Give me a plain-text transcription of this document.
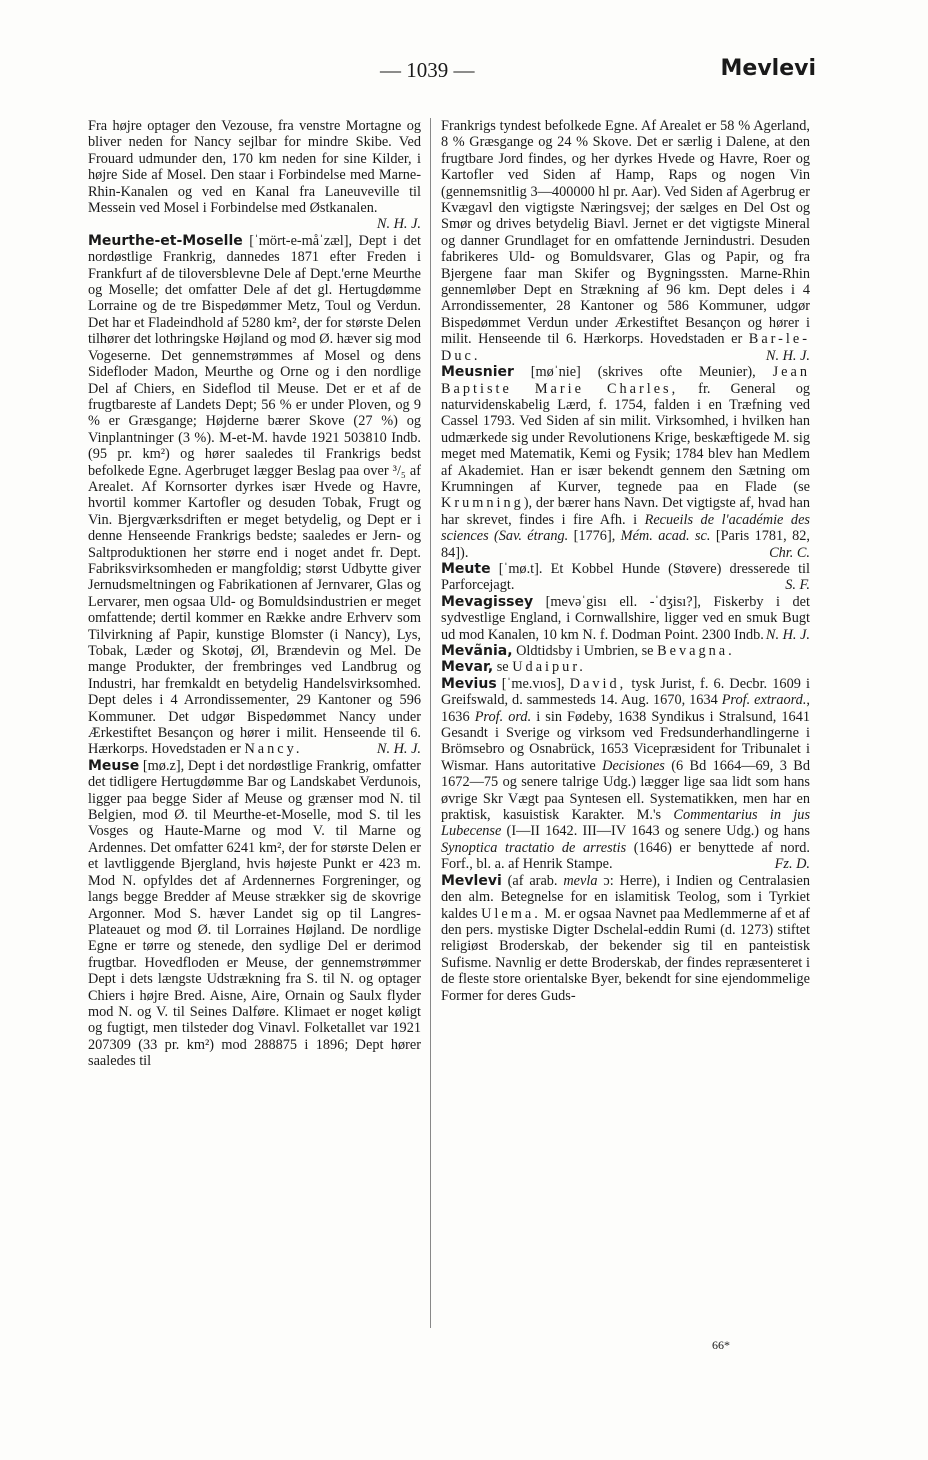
— 1039 —	Mevlevi

Fra højre optager den Vezouse, fra venstre Mortagne og bliver neden for Nancy sejlbar for mindre Skibe. Ved Frouard udmunder den, 170 km neden for sine Kilder, i højre Side af Mosel. Den staar i Forbindelse med Marne-Rhin-Kanalen og ved en Kanal fra Laneuveville til Messein ved Mosel i Forbindelse med Østkanalen.
N. H. J.

Meurthe-et-Moselle [ˈmört-e-måˈzæl], Dept i det nordøstlige Frankrig, dannedes 1871 efter Freden i Frankfurt af de tiloversblevne Dele af Dept.'erne Meurthe og Moselle; det omfatter Dele af det gl. Hertugdømme Lorraine og de tre Bispedømmer Metz, Toul og Verdun. Det har et Fladeindhold af 5280 km², der for største Delen tilhører det lothringske Højland og mod Ø. hæver sig mod Vogeserne. Det gennemstrømmes af Mosel og dens Sidefloder Madon, Meurthe og Orne og i den nordlige Del af Chiers, en Sideflod til Meuse. Det er et af de frugtbareste af Landets Dept; 56 % er under Ploven, og 9 % er Græsgange; Højderne bærer Skove (27 %) og Vinplantninger (3 %). M-et-M. havde 1921 503810 Indb. (95 pr. km²) og hører saaledes til Frankrigs bedst befolkede Egne. Agerbruget lægger Beslag paa over ³/₅ af Arealet. Af Kornsorter dyrkes især Hvede og Havre, hvortil kommer Kartofler og desuden Tobak, Frugt og Vin. Bjergværksdriften er meget betydelig, og Dept er i denne Henseende Frankrigs bedste; saaledes er Jern- og Saltproduktionen her større end i noget andet fr. Dept. Fabriksvirksomheden er mangfoldig; størst Udbytte giver Jernudsmeltningen og Fabrikationen af Jernvarer, Glas og Lervarer, men ogsaa Uld- og Bomuldsindustrien er meget omfattende; dertil kommer en Række andre Erhverv som Tilvirkning af Papir, kunstige Blomster (i Nancy), Lys, Tobak, Læder og Skotøj, Øl, Brændevin og Mel. De mange Produkter, der frembringes ved Landbrug og Industri, har fremkaldt en betydelig Handelsvirksomhed. Dept deles i 4 Arrondissementer, 29 Kantoner og 596 Kommuner. Det udgør Bispedømmet Nancy under Ærkestiftet Besançon og hører i milit. Henseende til 6. Hærkorps. Hovedstaden er Nancy.	N. H. J.

Meuse [mø.z], Dept i det nordøstlige Frankrig, omfatter det tidligere Hertugdømme Bar og Landskabet Verdunois, ligger paa begge Sider af Meuse og grænser mod N. til Belgien, mod Ø. til Meurthe-et-Moselle, mod S. til les Vosges og Haute-Marne og mod V. til Marne og Ardennes. Det omfatter 6241 km², der for største Delen er et lavtliggende Bjergland, hvis højeste Punkt er 423 m. Mod N. opfyldes det af Ardennernes Forgreninger, og langs begge Bredder af Meuse strækker sig de skovrige Argonner. Mod S. hæver Landet sig op til Langres-Plateauet og mod Ø. til Lorraines Højland. De nordlige Egne er tørre og stenede, den sydlige Del er derimod frugtbar. Hovedfloden er Meuse, der gennemstrømmer Dept i dets længste Udstrækning fra S. til N. og optager Chiers i højre Bred. Aisne, Aire, Ornain og Saulx flyder mod N. og V. til Seines Dalføre. Klimaet er noget køligt og fugtigt, men tilsteder dog Vinavl. Folketallet var 1921 207309 (33 pr. km²) mod 288875 i 1896; Dept hører saaledes til

Frankrigs tyndest befolkede Egne. Af Arealet er 58 % Agerland, 8 % Græsgange og 24 % Skove. Det er særlig i Dalene, at den frugtbare Jord findes, og her dyrkes Hvede og Havre, Roer og Kartofler ved Siden af Hamp, Raps og nogen Vin (gennemsnitlig 3—400000 hl pr. Aar). Ved Siden af Agerbrug er Kvægavl den vigtigste Næringsvej; der sælges en Del Ost og Smør og drives betydelig Biavl. Jernet er det vigtigste Mineral og danner Grundlaget for en omfattende Jernindustri. Desuden fabrikeres Uld- og Bomuldsvarer, Glas og Papir, og fra Bjergene faar man Skifer og Bygningssten. Marne-Rhin gennemløber Dept en Strækning af 96 km. Dept deles i 4 Arrondissementer, 28 Kantoner og 586 Kommuner, udgør Bispedømmet Verdun under Ærkestiftet Besançon og hører i milit. Henseende til 6. Hærkorps. Hovedstaden er Bar-le-Duc.	N. H. J.

Meusnier [møˈnie] (skrives ofte Meunier), Jean Baptiste Marie Charles, fr. General og naturvidenskabelig Lærd, f. 1754, falden i en Træfning ved Cassel 1793. Ved Siden af sin milit. Virksomhed, i hvilken han udmærkede sig under Revolutionens Krige, beskæftigede M. sig meget med Matematik, Kemi og Fysik; 1784 blev han Medlem af Akademiet. Han er især bekendt gennem den Sætning om Krumningen af Kurver, tegnede paa en Flade (se Krumning), der bærer hans Navn. Det vigtigste af, hvad han har skrevet, findes i fire Afh. i Recueils de l'académie des sciences (Sav. étrang. [1776], Mém. acad. sc. [Paris 1781, 82, 84]).	Chr. C.

Meute [ˈmø.t]. Et Kobbel Hunde (Støvere) dresserede til Parforcejagt.	S. F.

Mevagissey [mevəˈgisı ell. -ˈdʒisı?], Fiskerby i det sydvestlige England, i Cornwallshire, ligger ved en smuk Bugt ud mod Kanalen, 10 km N. f. Dodman Point. 2300 Indb. N. H. J.

Mevãnia, Oldtidsby i Umbrien, se Bevagna.

Mevar, se Udaipur.

Mevius [ˈme.vıos], David, tysk Jurist, f. 6. Decbr. 1609 i Greifswald, d. sammesteds 14. Aug. 1670, 1634 Prof. extraord., 1636 Prof. ord. i sin Fødeby, 1638 Syndikus i Stralsund, 1641 Gesandt i Sverige og virksom ved Fredsunderhandlingerne i Brömsebro og Osnabrück, 1653 Vicepræsident for Tribunalet i Wismar. Hans autoritative Decisiones (6 Bd 1664—69, 3 Bd 1672—75 og senere talrige Udg.) lægger lige saa lidt som hans øvrige Skr Vægt paa Syntesen ell. Systematikken, men har en praktisk, kasuistisk Karakter. M.'s Commentarius in jus Lubecense (I—II 1642. III—IV 1643 og senere Udg.) og hans Synoptica tractatio de arrestis (1646) er benyttede af nord. Forf., bl. a. af Henrik Stampe.	Fz. D.

Mevlevi (af arab. mevla ɔ: Herre), i Indien og Centralasien den alm. Betegnelse for en islamitisk Teolog, som i Tyrkiet kaldes Ulema. M. er ogsaa Navnet paa Medlemmerne af et af den pers. mystiske Digter Dschelal-eddin Rumi (d. 1273) stiftet religiøst Broderskab, der bekender sig til en panteistisk Sufisme. Navnlig er dette Broderskab, der findes repræsenteret i de fleste store orientalske Byer, bekendt for sine ejendommelige Former for deres Guds-

66*
